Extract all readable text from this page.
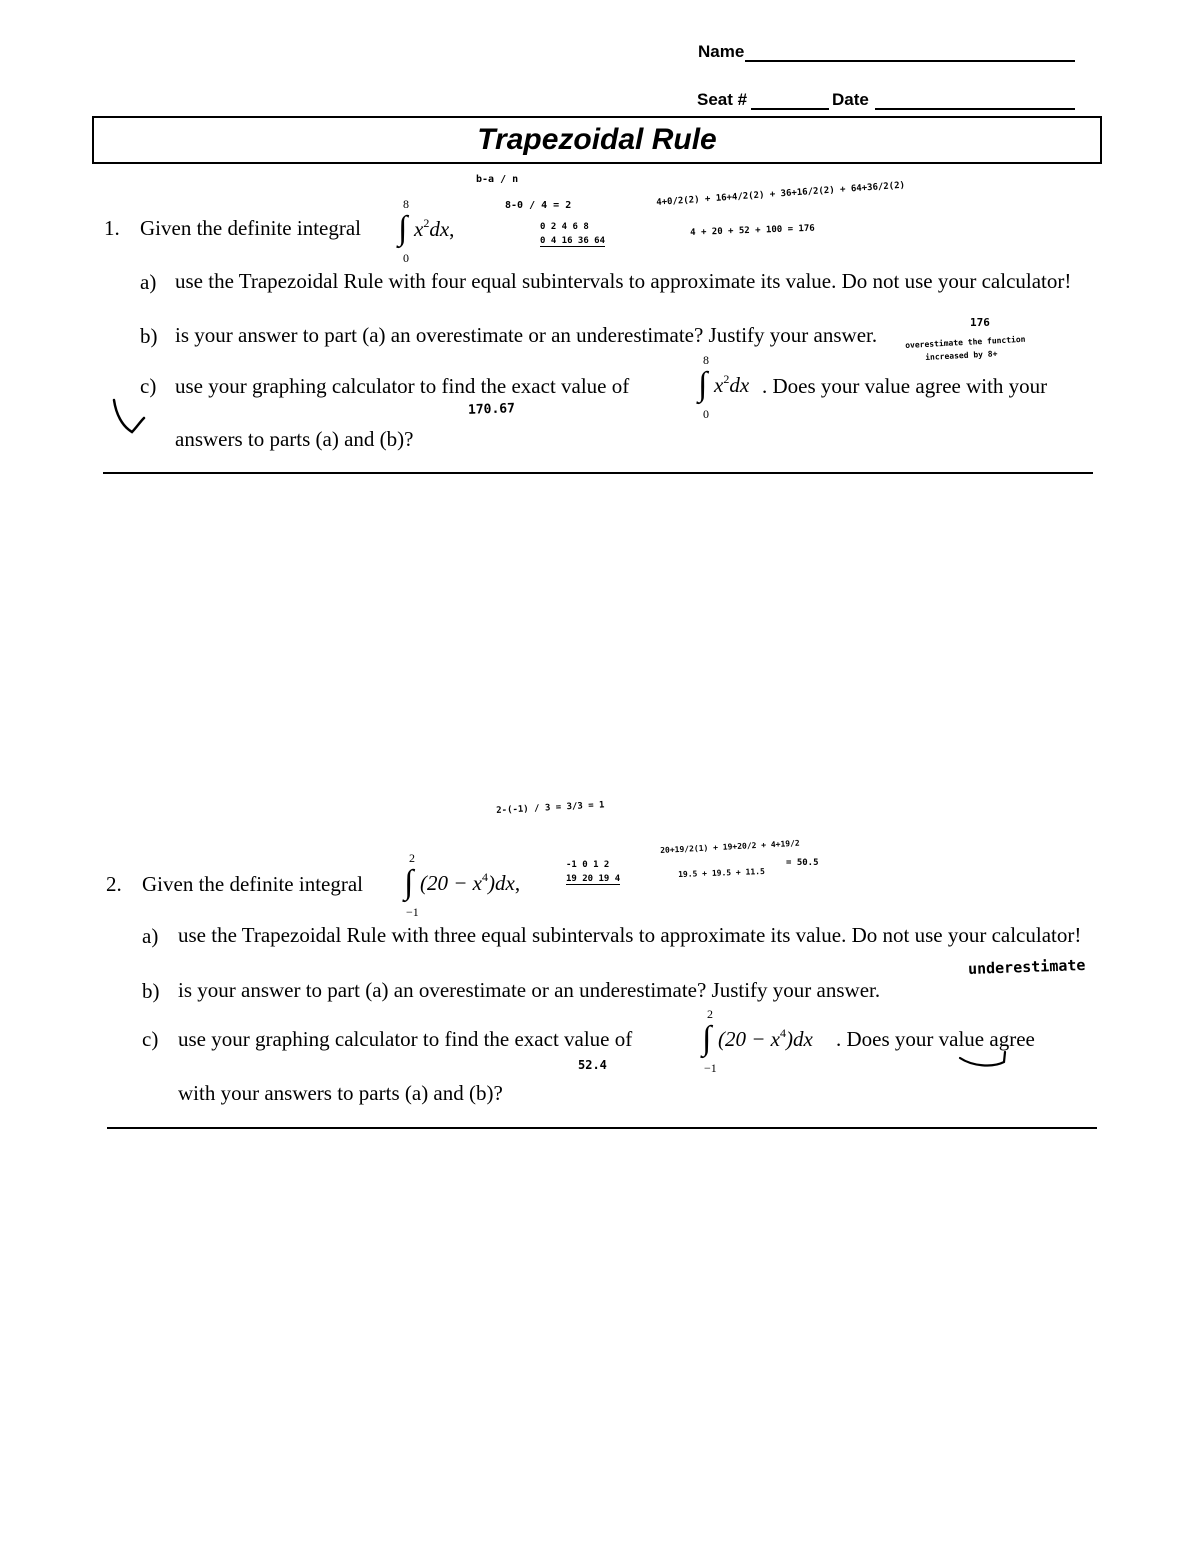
Name
Seat #	Date
Trapezoidal Rule
1. Given the definite integral
8
∫
0
$x^2dx$,
b-a / n
8-0 / 4 = 2
0 2 4 6 8
0 4 16 36 64
4+0/2(2) + 16+4/2(2) + 36+16/2(2) + 64+36/2(2)
4 + 20 + 52 + 100 = 176
a) use the Trapezoidal Rule with four equal subintervals to approximate its value. Do not use your calculator!
b) is your answer to part (a) an overestimate or an underestimate? Justify your answer.
176
overestimate the function
increased by 8+
c) use your graphing calculator to find the exact value of
8
∫
0
$x^2dx$ . Does your value agree with your
170.67
answers to parts (a) and (b)?
2-(-1) / 3 = 3/3 = 1
2. Given the definite integral
2
∫
−1
$(20 - x^4)dx$,
-1 0 1 2
19 20 19 4
20+19/2(1) + 19+20/2 + 4+19/2
19.5 + 19.5 + 11.5
= 50.5
a) use the Trapezoidal Rule with three equal subintervals to approximate its value. Do not use your calculator!
underestimate
b) is your answer to part (a) an overestimate or an underestimate? Justify your answer.
c) use your graphing calculator to find the exact value of
2
∫
−1
$(20 - x^4)dx$ . Does your value agree
52.4
with your answers to parts (a) and (b)?
